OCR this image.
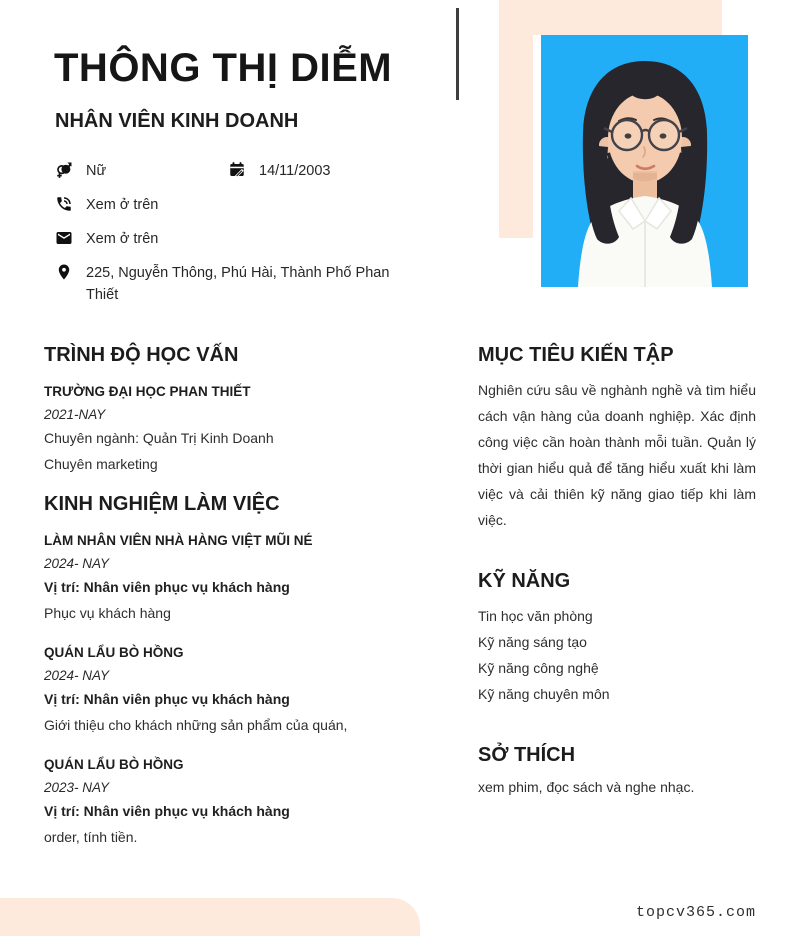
THÔNG THỊ DIỄM
NHÂN VIÊN KINH DOANH
Nữ	14/11/2003
Xem ở trên
Xem ở trên
225, Nguyễn Thông, Phú Hài, Thành Phố Phan Thiết
TRÌNH ĐỘ HỌC VẤN
TRƯỜNG ĐẠI HỌC PHAN THIẾT
2021-NAY
Chuyên ngành: Quản Trị Kinh Doanh
Chuyên marketing
KINH NGHIỆM LÀM VIỆC
LÀM NHÂN VIÊN NHÀ HÀNG VIỆT MŨI NÉ
2024- NAY
Vị trí: Nhân viên phục vụ khách hàng
Phục vụ khách hàng
QUÁN LẨU BÒ HỒNG
2024- NAY
Vị trí: Nhân viên phục vụ khách hàng
Giới thiệu cho khách những sản phẩm của quán,
QUÁN LẨU BÒ HỒNG
2023- NAY
Vị trí: Nhân viên phục vụ khách hàng
order, tính tiền.
MỤC TIÊU KIẾN TẬP
Nghiên cứu sâu về nghành nghề và tìm hiểu cách vận hàng của doanh nghiệp. Xác định công việc cần hoàn thành mỗi tuần. Quản lý thời gian hiểu quả để tăng hiểu xuất khi làm việc và cải thiên kỹ năng giao tiếp khi làm việc.
KỸ NĂNG
Tin học văn phòng
Kỹ năng sáng tạo
Kỹ năng công nghệ
Kỹ năng chuyên môn
SỞ THÍCH
xem phim, đọc sách và nghe nhạc.
topcv365.com
